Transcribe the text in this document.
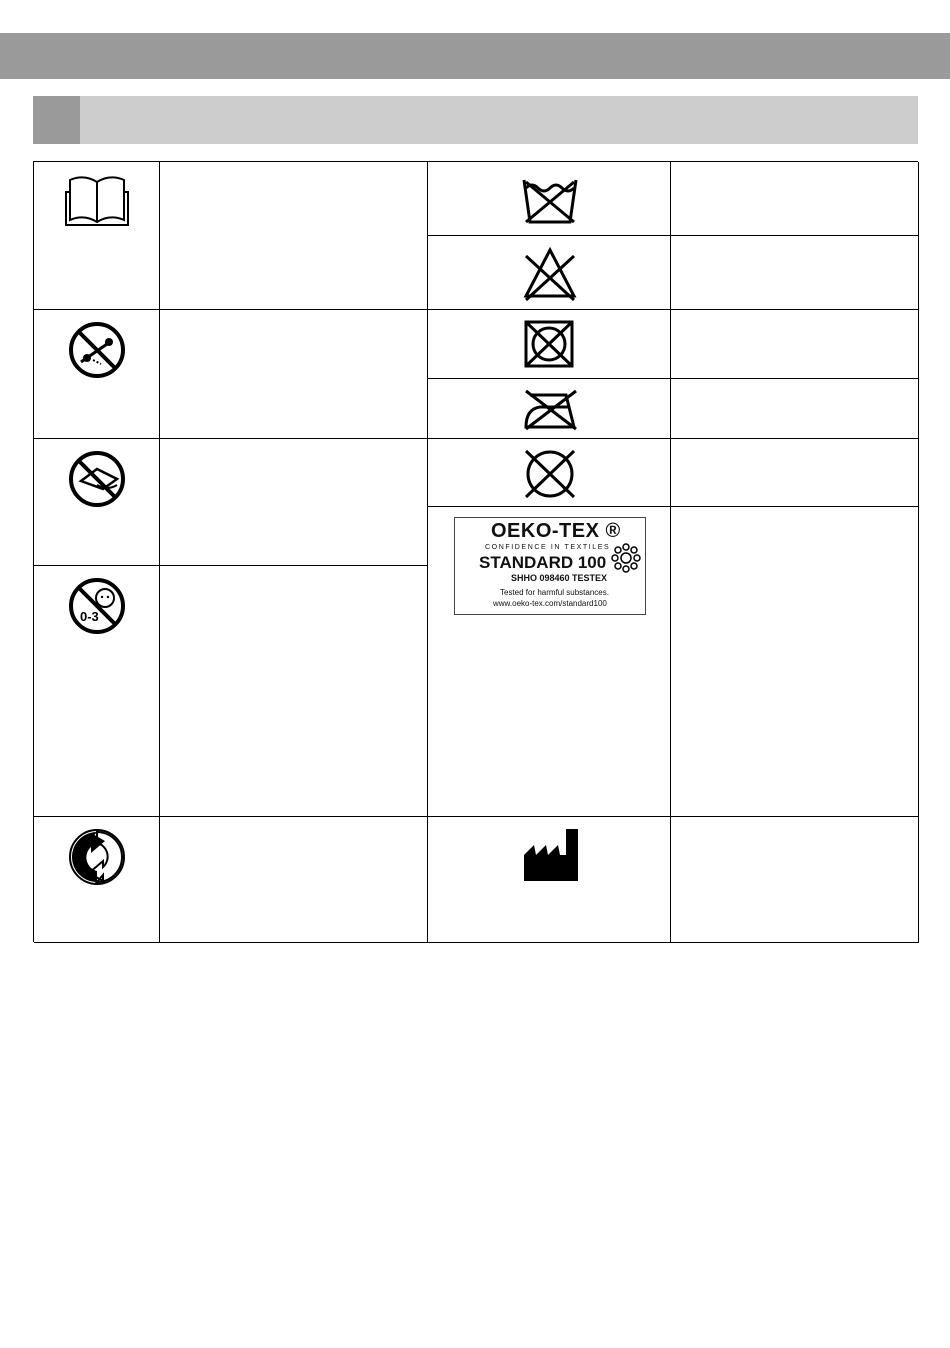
0-3
OEKO-TEX ®
CONFIDENCE IN TEXTILES
STANDARD 100
SHHO 098460 TESTEX
Tested for harmful substances.
www.oeko-tex.com/standard100
